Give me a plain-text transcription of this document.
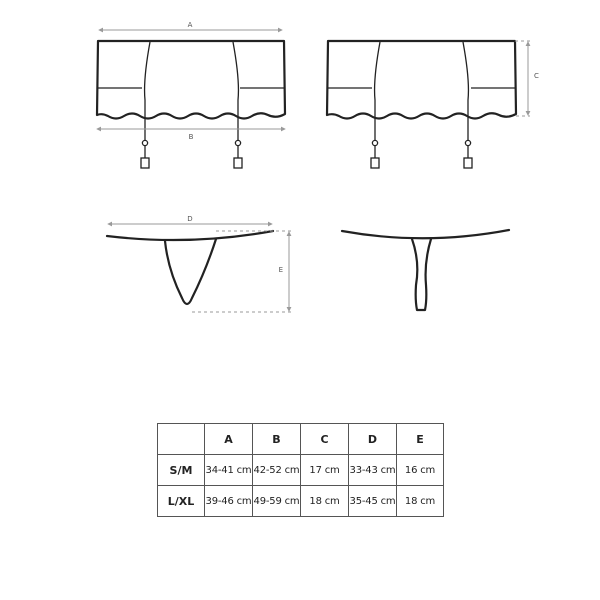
A
B
C
D
E
	A	B	C	D	E
S/M	34-41 cm	42-52 cm	17 cm	33-43 cm	16 cm
L/XL	39-46 cm	49-59 cm	18 cm	35-45 cm	18 cm
